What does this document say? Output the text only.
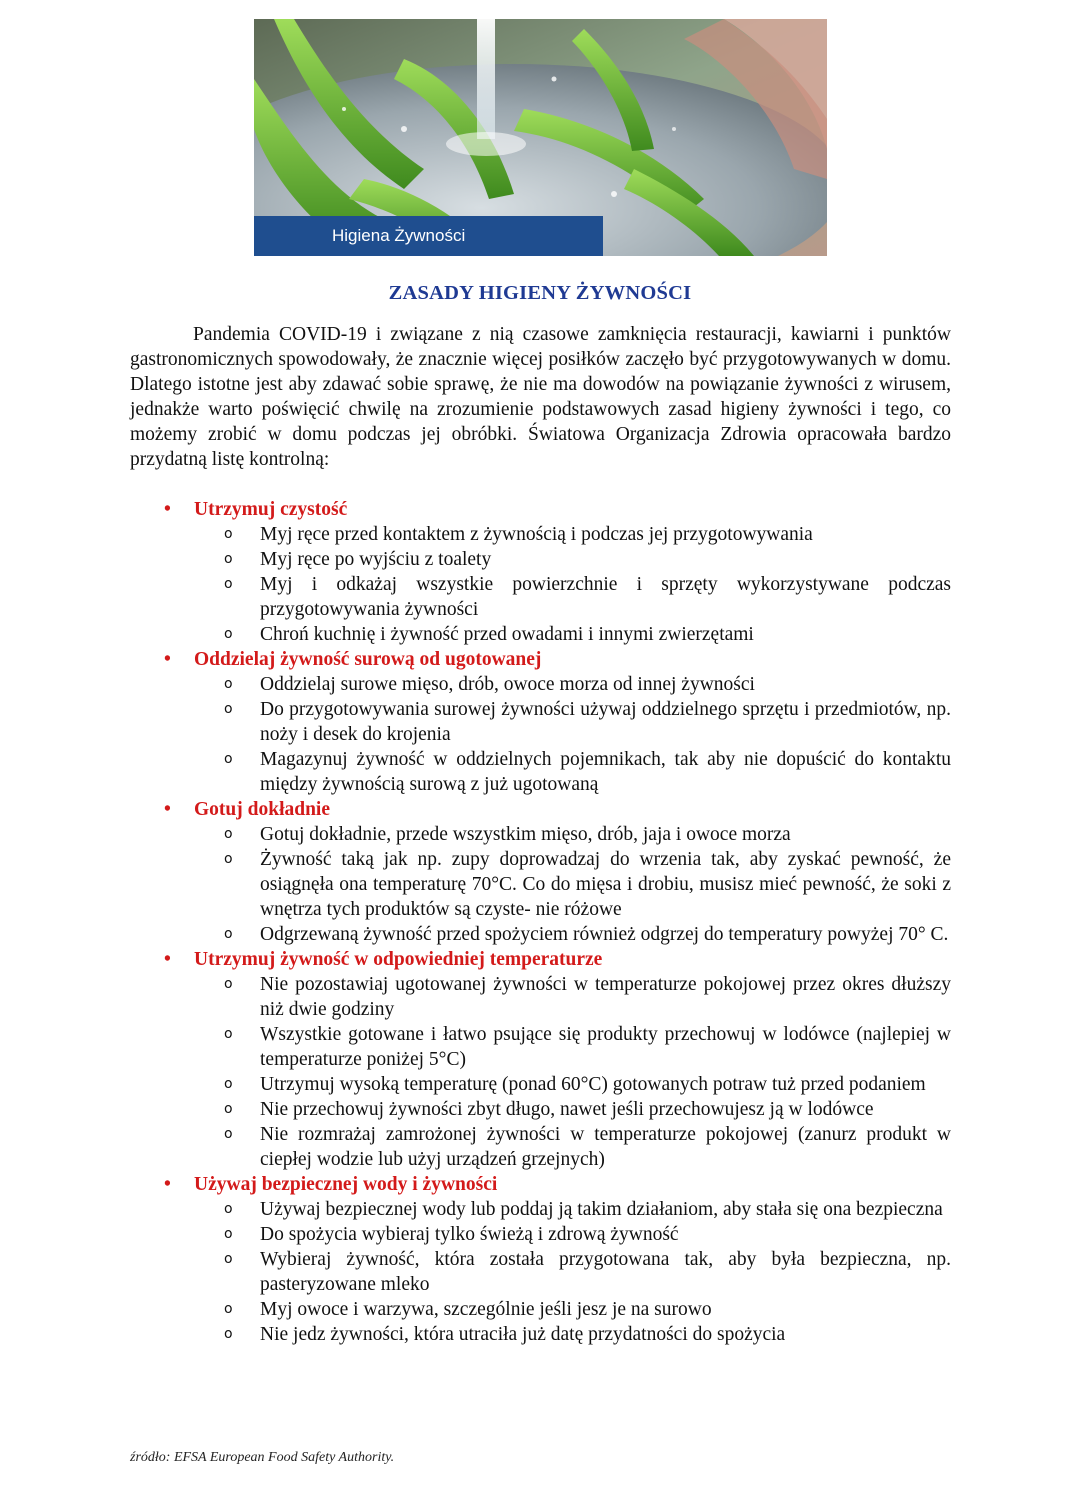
Higiena Żywności
ZASADY HIGIENY ŻYWNOŚCI

Pandemia COVID-19 i związane z nią czasowe zamknięcia restauracji, kawiarni i punktów gastronomicznych spowodowały, że znacznie więcej posiłków zaczęło być przygotowywanych w domu. Dlatego istotne jest aby zdawać sobie sprawę, że nie ma dowodów na powiązanie żywności z wirusem, jednakże warto poświęcić chwilę na zrozumienie podstawowych zasad higieny żywności i tego, co możemy zrobić w domu podczas jej obróbki. Światowa Organizacja Zdrowia opracowała bardzo przydatną listę kontrolną:

• Utrzymuj czystość
o Myj ręce przed kontaktem z żywnością i podczas jej przygotowywania
o Myj ręce po wyjściu z toalety
o Myj i odkażaj wszystkie powierzchnie i sprzęty wykorzystywane podczas przygotowywania żywności
o Chroń kuchnię i żywność przed owadami i innymi zwierzętami
• Oddzielaj żywność surową od ugotowanej
o Oddzielaj surowe mięso, drób, owoce morza od innej żywności
o Do przygotowywania surowej żywności używaj oddzielnego sprzętu i przedmiotów, np. noży i desek do krojenia
o Magazynuj żywność w oddzielnych pojemnikach, tak aby nie dopuścić do kontaktu między żywnością surową z już ugotowaną
• Gotuj dokładnie
o Gotuj dokładnie, przede wszystkim mięso, drób, jaja i owoce morza
o Żywność taką jak np. zupy doprowadzaj do wrzenia tak, aby zyskać pewność, że osiągnęła ona temperaturę 70°C. Co do mięsa i drobiu, musisz mieć pewność, że soki z wnętrza tych produktów są czyste- nie różowe
o Odgrzewaną żywność przed spożyciem również odgrzej do temperatury powyżej 70° C.
• Utrzymuj żywność w odpowiedniej temperaturze
o Nie pozostawiaj ugotowanej żywności w temperaturze pokojowej przez okres dłuższy niż dwie godziny
o Wszystkie gotowane i łatwo psujące się produkty przechowuj w lodówce (najlepiej w temperaturze poniżej 5°C)
o Utrzymuj wysoką temperaturę (ponad 60°C) gotowanych potraw tuż przed podaniem
o Nie przechowuj żywności zbyt długo, nawet jeśli przechowujesz ją w lodówce
o Nie rozmrażaj zamrożonej żywności w temperaturze pokojowej (zanurz produkt w ciepłej wodzie lub użyj urządzeń grzejnych)
• Używaj bezpiecznej wody i żywności
o Używaj bezpiecznej wody lub poddaj ją takim działaniom, aby stała się ona bezpieczna
o Do spożycia wybieraj tylko świeżą i zdrową żywność
o Wybieraj żywność, która została przygotowana tak, aby była bezpieczna, np. pasteryzowane mleko
o Myj owoce i warzywa, szczególnie jeśli jesz je na surowo
o Nie jedz żywności, która utraciła już datę przydatności do spożycia
źródło: EFSA European Food Safety Authority.
